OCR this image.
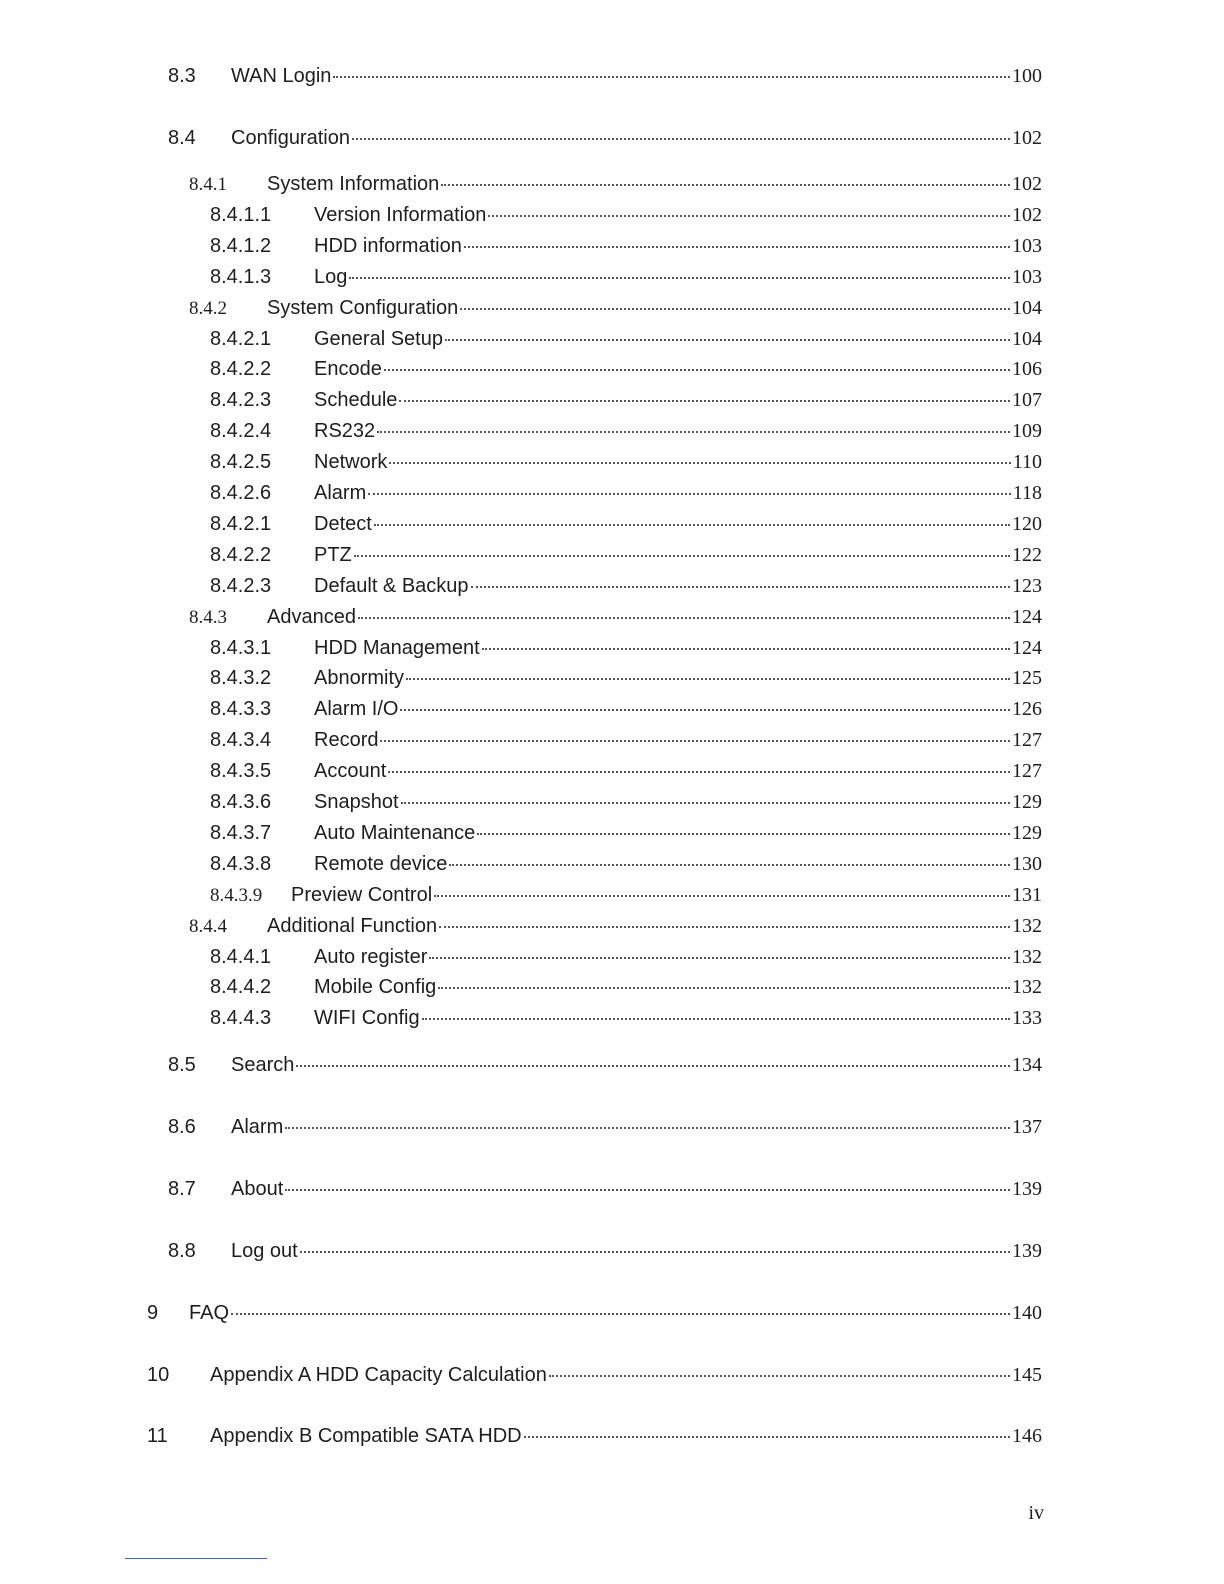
8.3	WAN Login	100
8.4	Configuration	102
8.4.1	System Information	102
8.4.1.1	Version Information	102
8.4.1.2	HDD information	103
8.4.1.3	Log	103
8.4.2	System Configuration	104
8.4.2.1	General Setup	104
8.4.2.2	Encode	106
8.4.2.3	Schedule	107
8.4.2.4	RS232	109
8.4.2.5	Network	110
8.4.2.6	Alarm	118
8.4.2.1	Detect	120
8.4.2.2	PTZ	122
8.4.2.3	Default & Backup	123
8.4.3	Advanced	124
8.4.3.1	HDD Management	124
8.4.3.2	Abnormity	125
8.4.3.3	Alarm I/O	126
8.4.3.4	Record	127
8.4.3.5	Account	127
8.4.3.6	Snapshot	129
8.4.3.7	Auto Maintenance	129
8.4.3.8	Remote device	130
8.4.3.9	Preview Control	131
8.4.4	Additional Function	132
8.4.4.1	Auto register	132
8.4.4.2	Mobile Config	132
8.4.4.3	WIFI Config	133
8.5	Search	134
8.6	Alarm	137
8.7	About	139
8.8	Log out	139
9	FAQ	140
10	Appendix A HDD Capacity Calculation	145
11	Appendix B Compatible SATA HDD	146
iv
